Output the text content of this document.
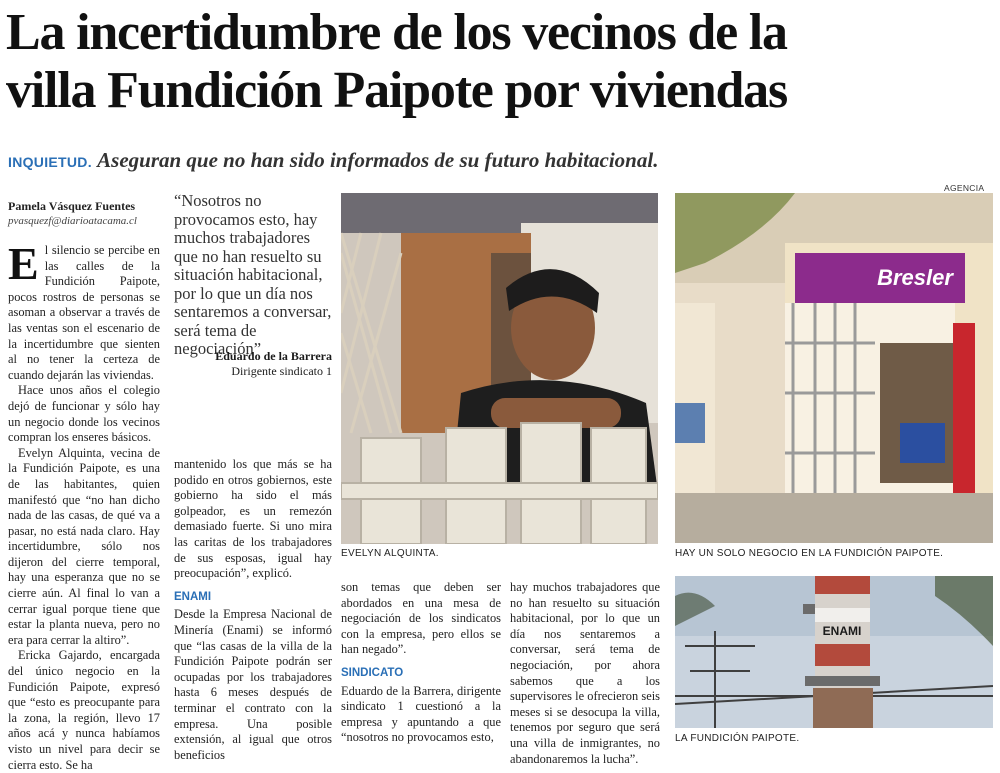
La incertidumbre de los vecinos de la
villa Fundición Paipote por viviendas
INQUIETUD. Aseguran que no han sido informados de su futuro habitacional.
Pamela Vásquez Fuentes
pvasquezf@diarioatacama.cl

El silencio se percibe en las calles de la Fundición Paipote, pocos rostros de personas se asoman a observar a través de las ventas son el escenario de la incertidumbre que sienten al no tener la certeza de cuando dejarán las viviendas.

Hace unos años el colegio dejó de funcionar y sólo hay un negocio donde los vecinos compran los enseres básicos.

Evelyn Alquinta, vecina de la Fundición Paipote, es una de las habitantes, quien manifestó que “no han dicho nada de las casas, de qué va a pasar, no está nada claro. Hay incertidumbre, sólo nos dijeron del cierre temporal, hay una esperanza que no se cierre aún. Al final lo van a cerrar igual porque tiene que estar la planta nueva, pero no era para cerrar la altiro”.

Ericka Gajardo, encargada del único negocio en la Fundición Paipote, expresó que “esto es preocupante para la zona, la región, llevo 17 años acá y nunca habíamos visto un nivel para decir se cierra esto. Se ha

“Nosotros no provocamos esto, hay muchos trabajadores que no han resuelto su situación habitacional, por lo que un día nos sentaremos a conversar, será tema de negociación”
Eduardo de la Barrera
Dirigente sindicato 1

mantenido los que más se ha podido en otros gobiernos, este gobierno ha sido el más golpeador, es un remezón demasiado fuerte. Si uno mira las caritas de los trabajadores de sus esposas, igual hay preocupación”, explicó.

ENAMI

Desde la Empresa Nacional de Minería (Enami) se informó que “las casas de la villa de la Fundición Paipote podrán ser ocupadas por los trabajadores hasta 6 meses después de terminar el contrato con la empresa. Una posible extensión, al igual que otros beneficios

son temas que deben ser abordados en una mesa de negociación de los sindicatos con la empresa, pero ellos se han negado”.

SINDICATO

Eduardo de la Barrera, dirigente sindicato 1 cuestionó a la empresa y apuntando a que “nosotros no provocamos esto,

hay muchos trabajadores que no han resuelto su situación habitacional, por lo que un día nos sentaremos a conversar, será tema de negociación, por ahora sabemos que a los supervisores le ofrecieron seis meses si se desocupa la villa, tenemos por seguro que será una villa de inmigrantes, no abandonaremos la lucha”.

EVELYN ALQUINTA.
AGENCIA
Bresler
HAY UN SOLO NEGOCIO EN LA FUNDICIÓN PAIPOTE.
ENAMI
LA FUNDICIÓN PAIPOTE.
